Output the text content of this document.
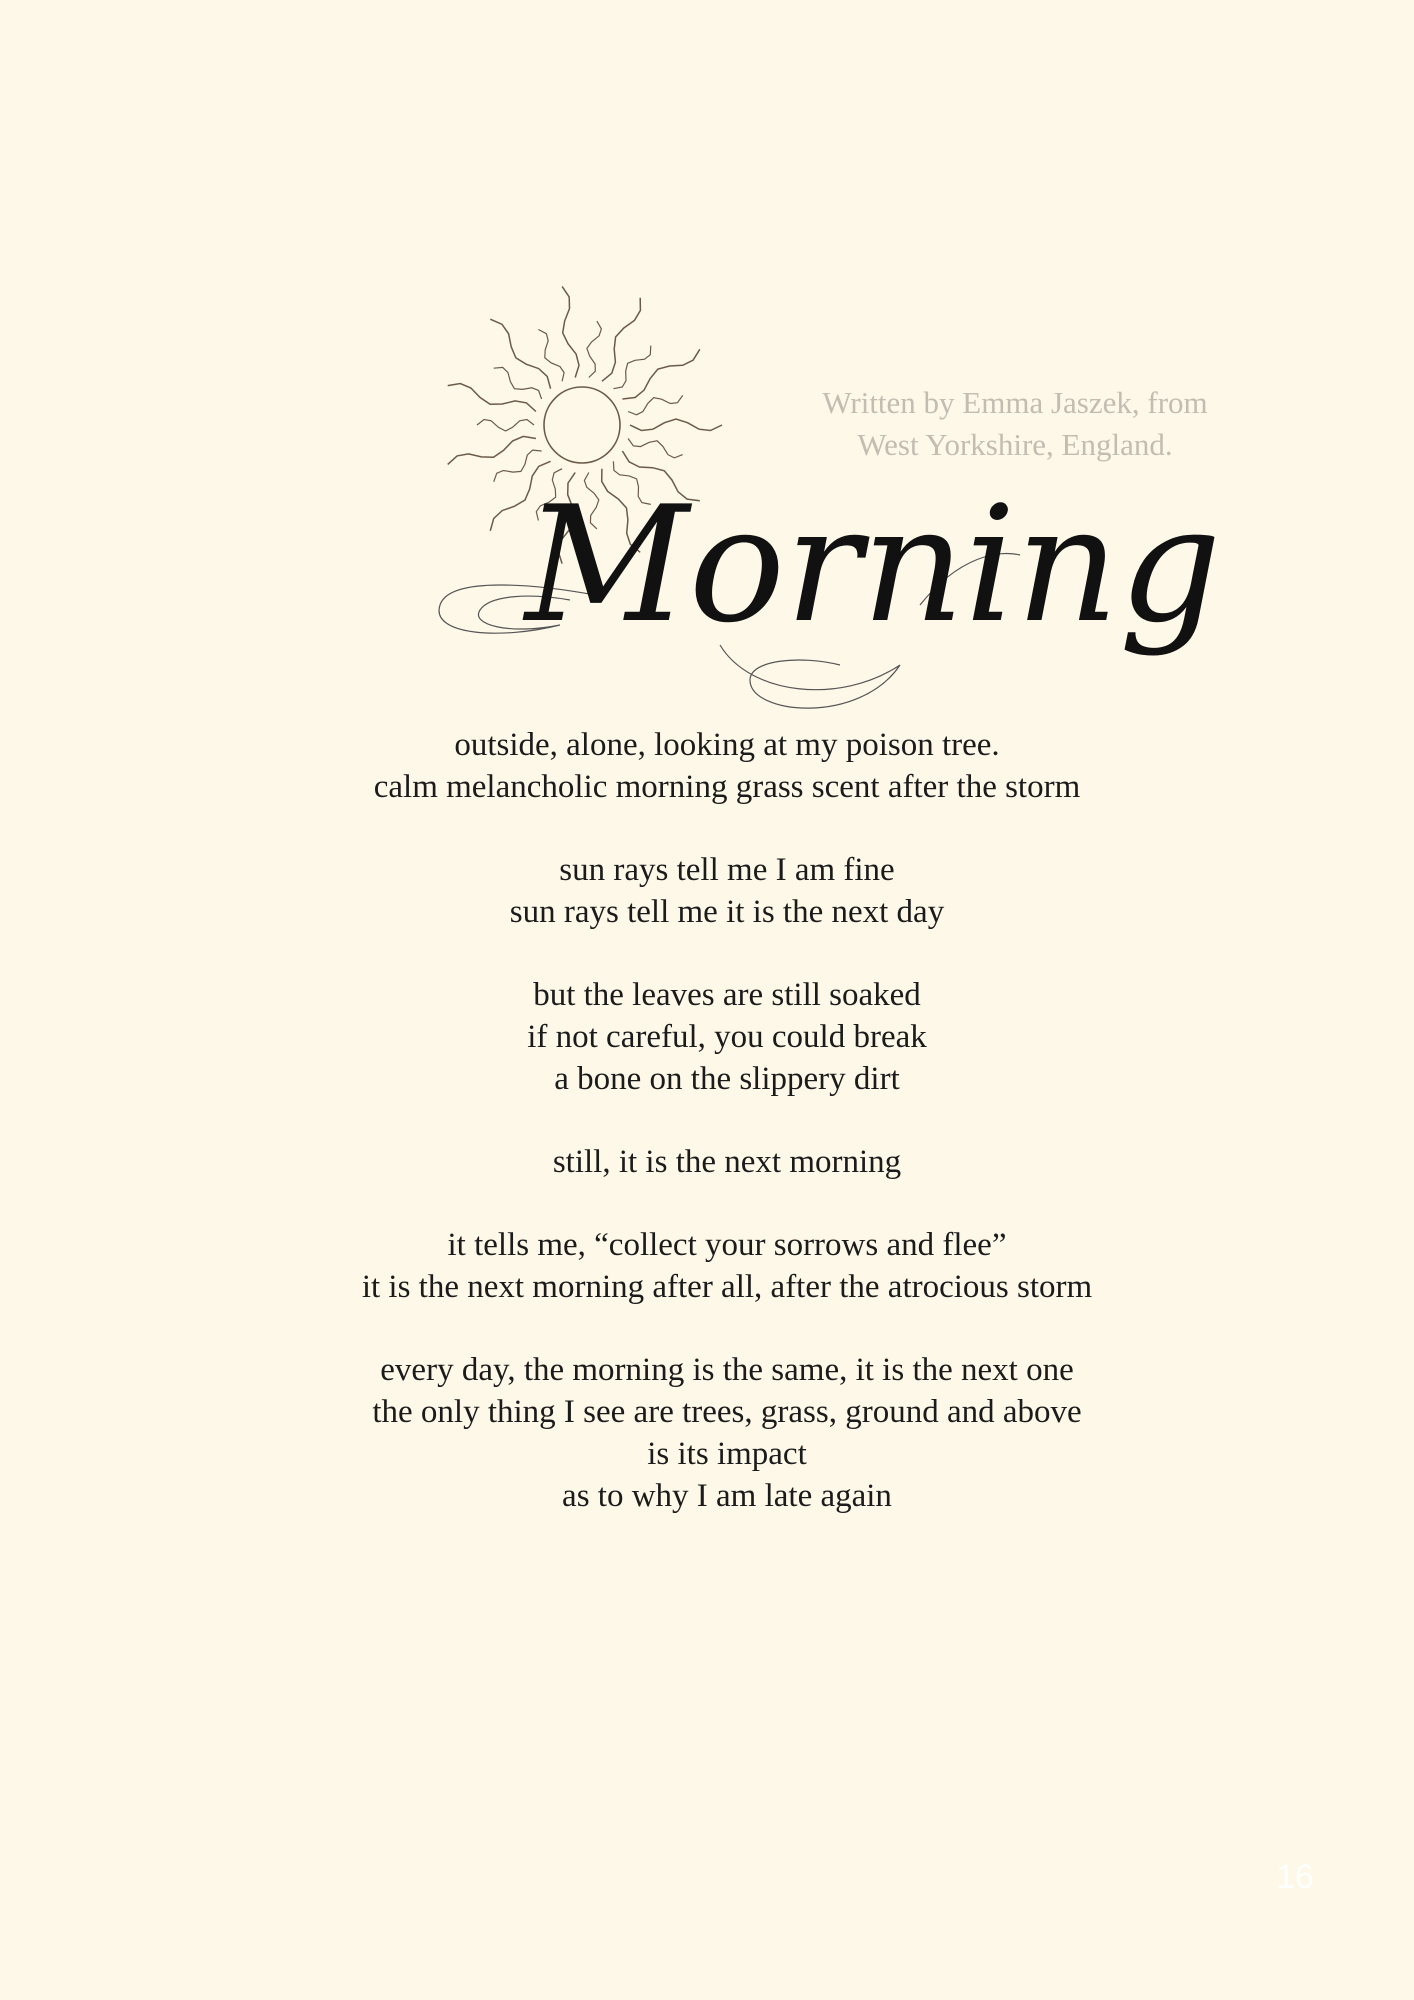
Written by Emma Jaszek, from
West Yorkshire, England.
Morning
outside, alone, looking at my poison tree.
calm melancholic morning grass scent after the storm
sun rays tell me I am fine
sun rays tell me it is the next day
but the leaves are still soaked
if not careful, you could break
a bone on the slippery dirt
still, it is the next morning
it tells me, “collect your sorrows and flee”
it is the next morning after all, after the atrocious storm
every day, the morning is the same, it is the next one
the only thing I see are trees, grass, ground and above
is its impact
as to why I am late again
16
